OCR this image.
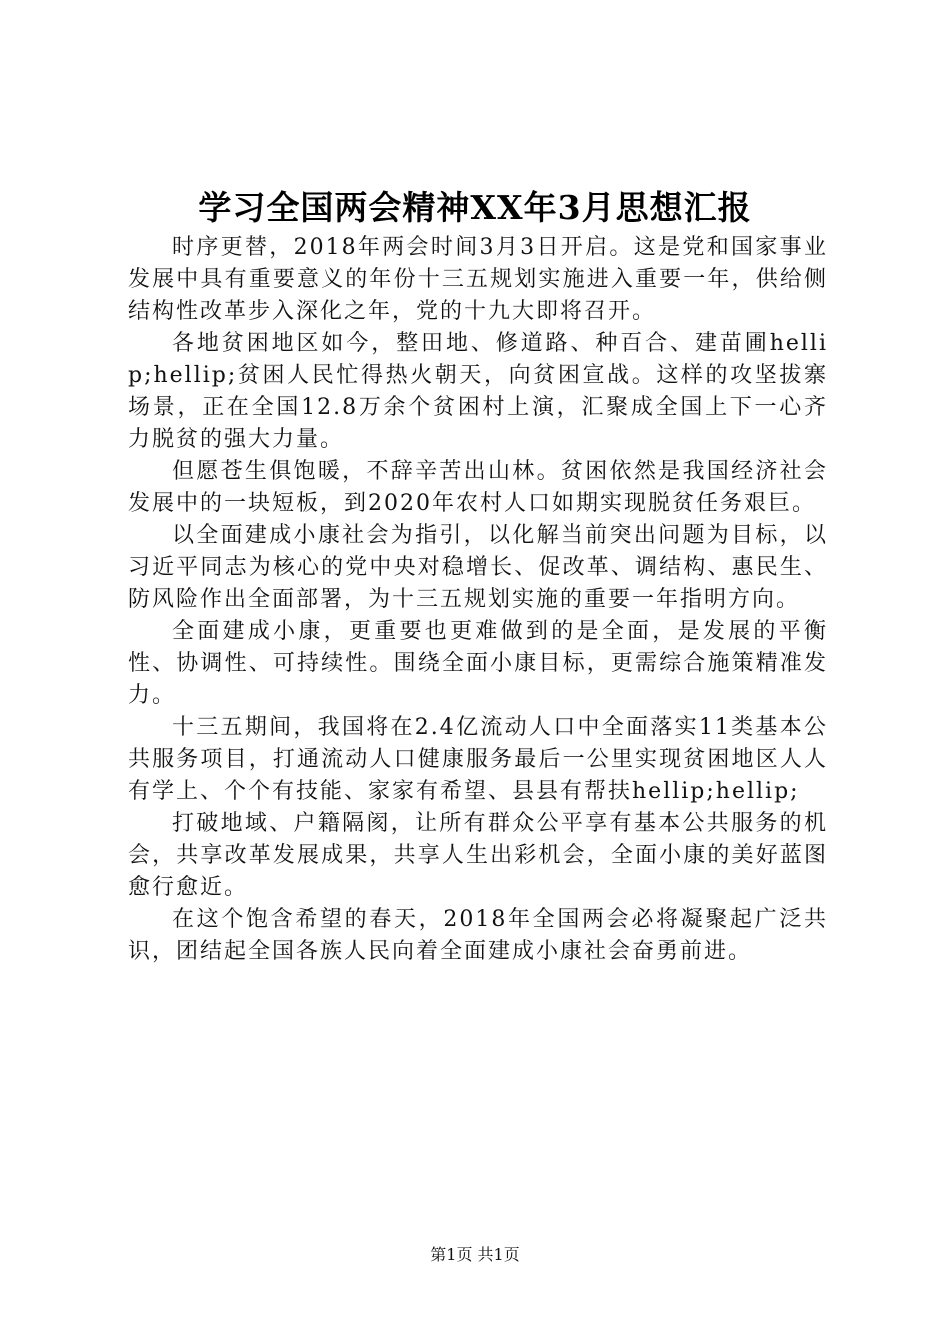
学习全国两会精神XX年3月思想汇报

时序更替，2018年两会时间3月3日开启。这是党和国家事业发展中具有重要意义的年份十三五规划实施进入重要一年，供给侧结构性改革步入深化之年，党的十九大即将召开。

各地贫困地区如今，整田地、修道路、种百合、建苗圃hellip;hellip;贫困人民忙得热火朝天，向贫困宣战。这样的攻坚拔寨场景，正在全国12.8万余个贫困村上演，汇聚成全国上下一心齐力脱贫的强大力量。

但愿苍生俱饱暖，不辞辛苦出山林。贫困依然是我国经济社会发展中的一块短板，到2020年农村人口如期实现脱贫任务艰巨。

以全面建成小康社会为指引，以化解当前突出问题为目标，以习近平同志为核心的党中央对稳增长、促改革、调结构、惠民生、防风险作出全面部署，为十三五规划实施的重要一年指明方向。

全面建成小康，更重要也更难做到的是全面，是发展的平衡性、协调性、可持续性。围绕全面小康目标，更需综合施策精准发力。

十三五期间，我国将在2.4亿流动人口中全面落实11类基本公共服务项目，打通流动人口健康服务最后一公里实现贫困地区人人有学上、个个有技能、家家有希望、县县有帮扶hellip;hellip;

打破地域、户籍隔阂，让所有群众公平享有基本公共服务的机会，共享改革发展成果，共享人生出彩机会，全面小康的美好蓝图愈行愈近。

在这个饱含希望的春天，2018年全国两会必将凝聚起广泛共识，团结起全国各族人民向着全面建成小康社会奋勇前进。

第1页 共1页
